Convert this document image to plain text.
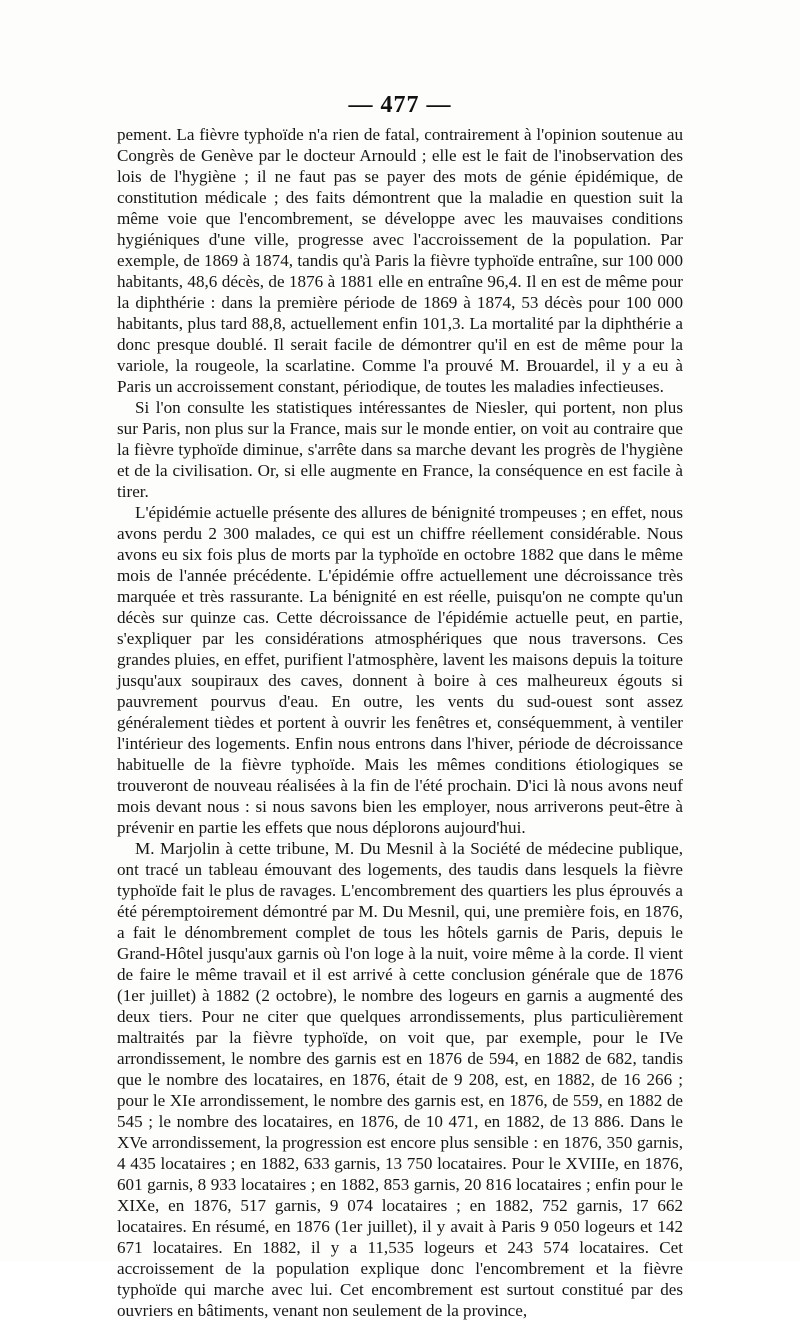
— 477 —

pement. La fièvre typhoïde n'a rien de fatal, contrairement à l'opinion soutenue au Congrès de Genève par le docteur Arnould ; elle est le fait de l'inobservation des lois de l'hygiène ; il ne faut pas se payer des mots de génie épidémique, de constitution médicale ; des faits démontrent que la maladie en question suit la même voie que l'encombrement, se développe avec les mauvaises conditions hygiéniques d'une ville, progresse avec l'accroissement de la population. Par exemple, de 1869 à 1874, tandis qu'à Paris la fièvre typhoïde entraîne, sur 100 000 habitants, 48,6 décès, de 1876 à 1881 elle en entraîne 96,4. Il en est de même pour la diphthérie : dans la première période de 1869 à 1874, 53 décès pour 100 000 habitants, plus tard 88,8, actuellement enfin 101,3. La mortalité par la diphthérie a donc presque doublé. Il serait facile de démontrer qu'il en est de même pour la variole, la rougeole, la scarlatine. Comme l'a prouvé M. Brouardel, il y a eu à Paris un accroissement constant, périodique, de toutes les maladies infectieuses.

Si l'on consulte les statistiques intéressantes de Niesler, qui portent, non plus sur Paris, non plus sur la France, mais sur le monde entier, on voit au contraire que la fièvre typhoïde diminue, s'arrête dans sa marche devant les progrès de l'hygiène et de la civilisation. Or, si elle augmente en France, la conséquence en est facile à tirer.

L'épidémie actuelle présente des allures de bénignité trompeuses ; en effet, nous avons perdu 2 300 malades, ce qui est un chiffre réellement considérable. Nous avons eu six fois plus de morts par la typhoïde en octobre 1882 que dans le même mois de l'année précédente. L'épidémie offre actuellement une décroissance très marquée et très rassurante. La bénignité en est réelle, puisqu'on ne compte qu'un décès sur quinze cas. Cette décroissance de l'épidémie actuelle peut, en partie, s'expliquer par les considérations atmosphériques que nous traversons. Ces grandes pluies, en effet, purifient l'atmosphère, lavent les maisons depuis la toiture jusqu'aux soupiraux des caves, donnent à boire à ces malheureux égouts si pauvrement pourvus d'eau. En outre, les vents du sud-ouest sont assez généralement tièdes et portent à ouvrir les fenêtres et, conséquemment, à ventiler l'intérieur des logements. Enfin nous entrons dans l'hiver, période de décroissance habituelle de la fièvre typhoïde. Mais les mêmes conditions étiologiques se trouveront de nouveau réalisées à la fin de l'été prochain. D'ici là nous avons neuf mois devant nous : si nous savons bien les employer, nous arriverons peut-être à prévenir en partie les effets que nous déplorons aujourd'hui.

M. Marjolin à cette tribune, M. Du Mesnil à la Société de médecine publique, ont tracé un tableau émouvant des logements, des taudis dans lesquels la fièvre typhoïde fait le plus de ravages. L'encombrement des quartiers les plus éprouvés a été péremptoirement démontré par M. Du Mesnil, qui, une première fois, en 1876, a fait le dénombrement complet de tous les hôtels garnis de Paris, depuis le Grand-Hôtel jusqu'aux garnis où l'on loge à la nuit, voire même à la corde. Il vient de faire le même travail et il est arrivé à cette conclusion générale que de 1876 (1er juillet) à 1882 (2 octobre), le nombre des logeurs en garnis a augmenté des deux tiers. Pour ne citer que quelques arrondissements, plus particulièrement maltraités par la fièvre typhoïde, on voit que, par exemple, pour le IVe arrondissement, le nombre des garnis est en 1876 de 594, en 1882 de 682, tandis que le nombre des locataires, en 1876, était de 9 208, est, en 1882, de 16 266 ; pour le XIe arrondissement, le nombre des garnis est, en 1876, de 559, en 1882 de 545 ; le nombre des locataires, en 1876, de 10 471, en 1882, de 13 886. Dans le XVe arrondissement, la progression est encore plus sensible : en 1876, 350 garnis, 4 435 locataires ; en 1882, 633 garnis, 13 750 locataires. Pour le XVIIIe, en 1876, 601 garnis, 8 933 locataires ; en 1882, 853 garnis, 20 816 locataires ; enfin pour le XIXe, en 1876, 517 garnis, 9 074 locataires ; en 1882, 752 garnis, 17 662 locataires. En résumé, en 1876 (1er juillet), il y avait à Paris 9 050 logeurs et 142 671 locataires. En 1882, il y a 11,535 logeurs et 243 574 locataires. Cet accroissement de la population explique donc l'encombrement et la fièvre typhoïde qui marche avec lui. Cet encombrement est surtout constitué par des ouvriers en bâtiments, venant non seulement de la province,
